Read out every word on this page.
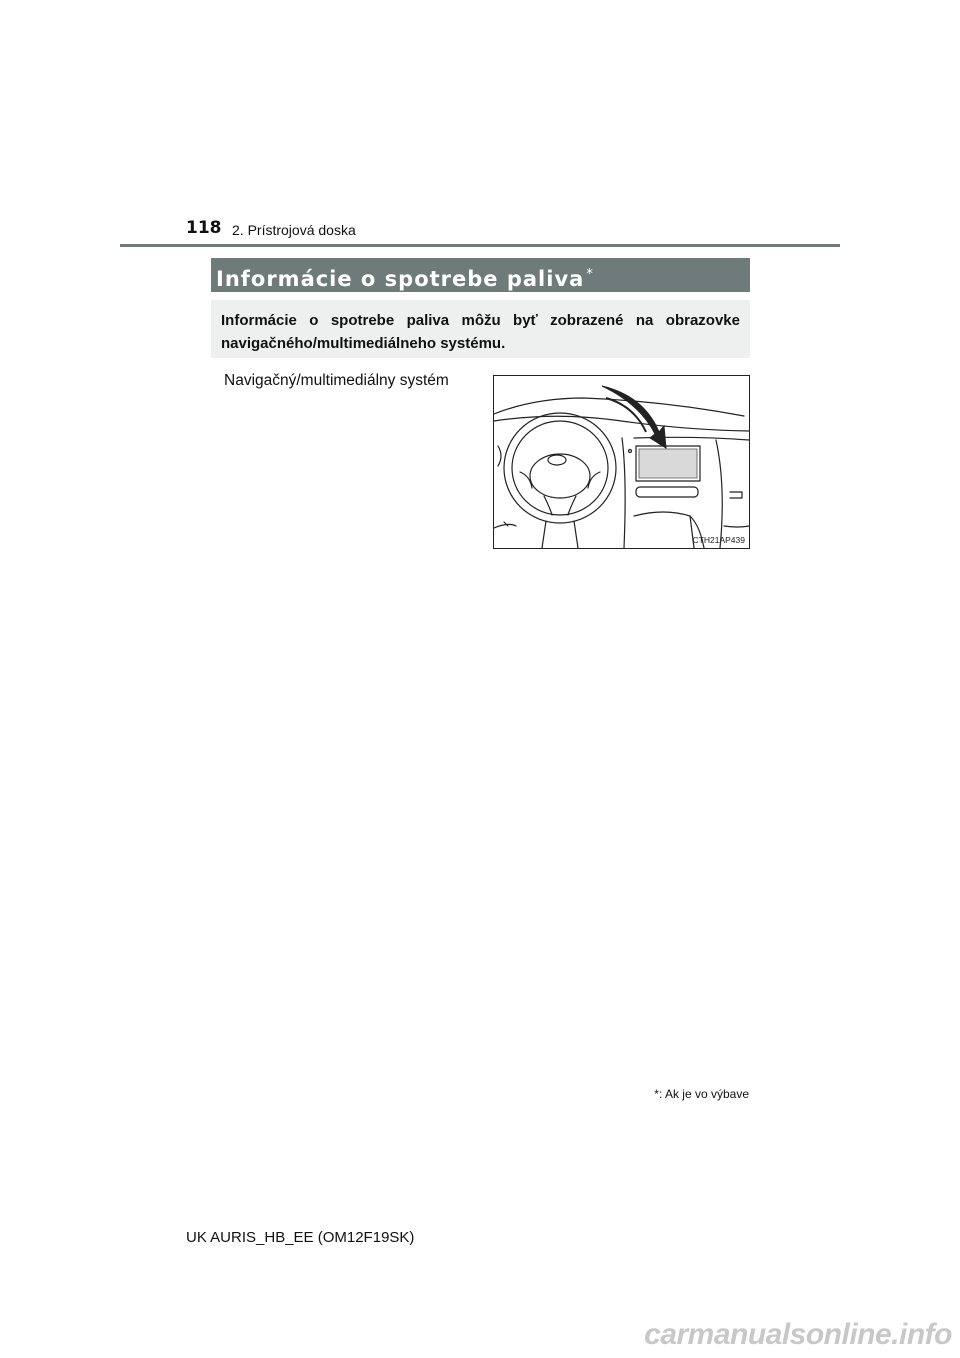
118 2. Prístrojová doska
Informácie o spotrebe paliva *
Informácie o spotrebe paliva môžu byť zobrazené na obrazovke navigačného/multimediálneho systému.
Navigačný/multimediálny systém
CTH21AP439
*: Ak je vo výbave
UK AURIS_HB_EE (OM12F19SK)
carmanualsonline.info
